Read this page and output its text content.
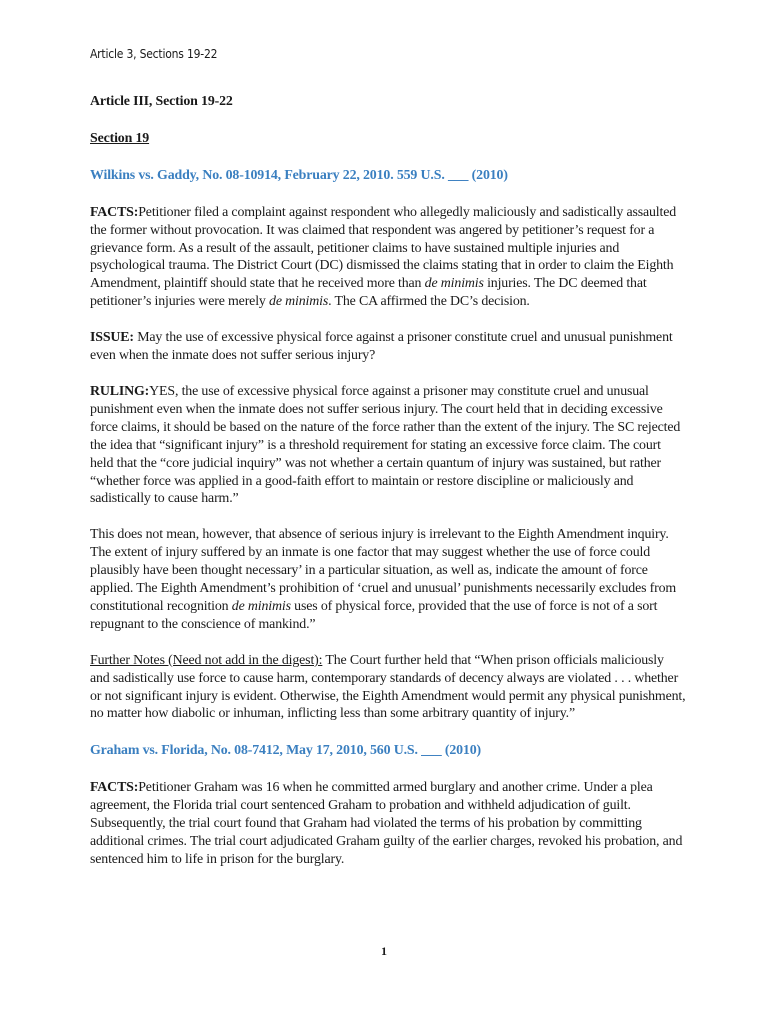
Article 3, Sections 19-22

Article III, Section 19-22

Section 19

Wilkins vs. Gaddy, No. 08-10914, February 22, 2010. 559 U.S. ___ (2010)

FACTS:Petitioner filed a complaint against respondent who allegedly maliciously and sadistically assaulted the former without provocation. It was claimed that respondent was angered by petitioner’s request for a grievance form. As a result of the assault, petitioner claims to have sustained multiple injuries and psychological trauma. The District Court (DC) dismissed the claims stating that in order to claim the Eighth Amendment, plaintiff should state that he received more than de minimis injuries. The DC deemed that petitioner’s injuries were merely de minimis. The CA affirmed the DC’s decision.

ISSUE: May the use of excessive physical force against a prisoner constitute cruel and unusual punishment even when the inmate does not suffer serious injury?

RULING:YES, the use of excessive physical force against a prisoner may constitute cruel and unusual punishment even when the inmate does not suffer serious injury. The court held that in deciding excessive force claims, it should be based on the nature of the force rather than the extent of the injury. The SC rejected the idea that “significant injury” is a threshold requirement for stating an excessive force claim. The court held that the “core judicial inquiry” was not whether a certain quantum of injury was sustained, but rather “whether force was applied in a good-faith effort to maintain or restore discipline or maliciously and sadistically to cause harm.”

This does not mean, however, that absence of serious injury is irrelevant to the Eighth Amendment inquiry. The extent of injury suffered by an inmate is one factor that may suggest whether the use of force could plausibly have been thought necessary’ in a particular situation, as well as, indicate the amount of force applied. The Eighth Amendment’s prohibition of ‘cruel and unusual’ punishments necessarily excludes from constitutional recognition de minimis uses of physical force, provided that the use of force is not of a sort repugnant to the conscience of mankind.”

Further Notes (Need not add in the digest): The Court further held that “When prison officials maliciously and sadistically use force to cause harm, contemporary standards of decency always are violated . . . whether or not significant injury is evident. Otherwise, the Eighth Amendment would permit any physical punishment, no matter how diabolic or inhuman, inflicting less than some arbitrary quantity of injury.”

Graham vs. Florida, No. 08-7412, May 17, 2010, 560 U.S. ___ (2010)

FACTS:Petitioner Graham was 16 when he committed armed burglary and another crime. Under a plea agreement, the Florida trial court sentenced Graham to probation and withheld adjudication of guilt. Subsequently, the trial court found that Graham had violated the terms of his probation by committing additional crimes. The trial court adjudicated Graham guilty of the earlier charges, revoked his probation, and sentenced him to life in prison for the burglary.

1
